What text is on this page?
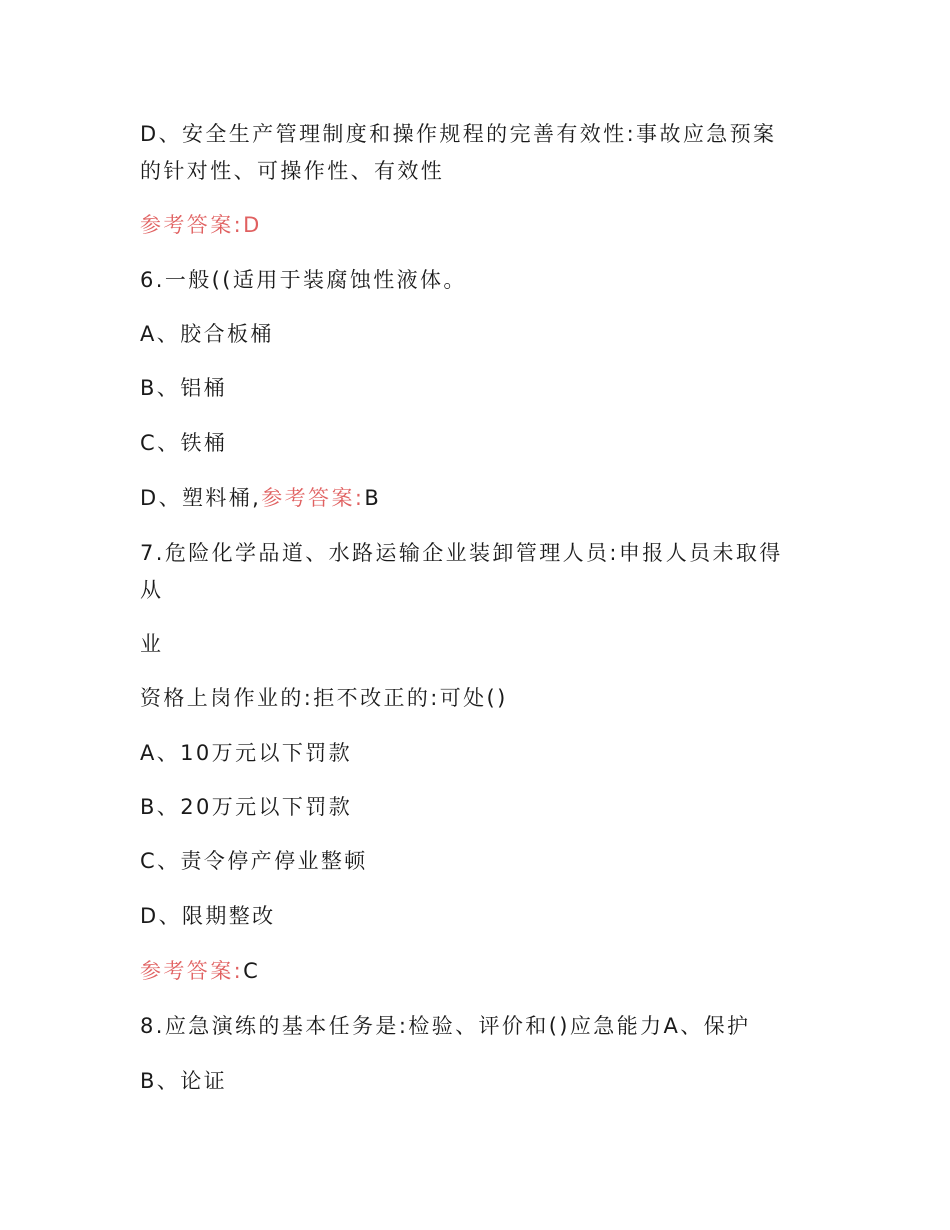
D、安全生产管理制度和操作规程的完善有效性:事故应急预案
的针对性、可操作性、有效性
参考答案:D
6.一般((适用于装腐蚀性液体。
A、胶合板桶
B、铝桶
C、铁桶
D、塑料桶,参考答案:B
7.危险化学品道、水路运输企业装卸管理人员:申报人员未取得
从
业
资格上岗作业的:拒不改正的:可处()
A、10万元以下罚款
B、20万元以下罚款
C、责令停产停业整顿
D、限期整改
参考答案:C
8.应急演练的基本任务是:检验、评价和()应急能力A、保护
B、论证
